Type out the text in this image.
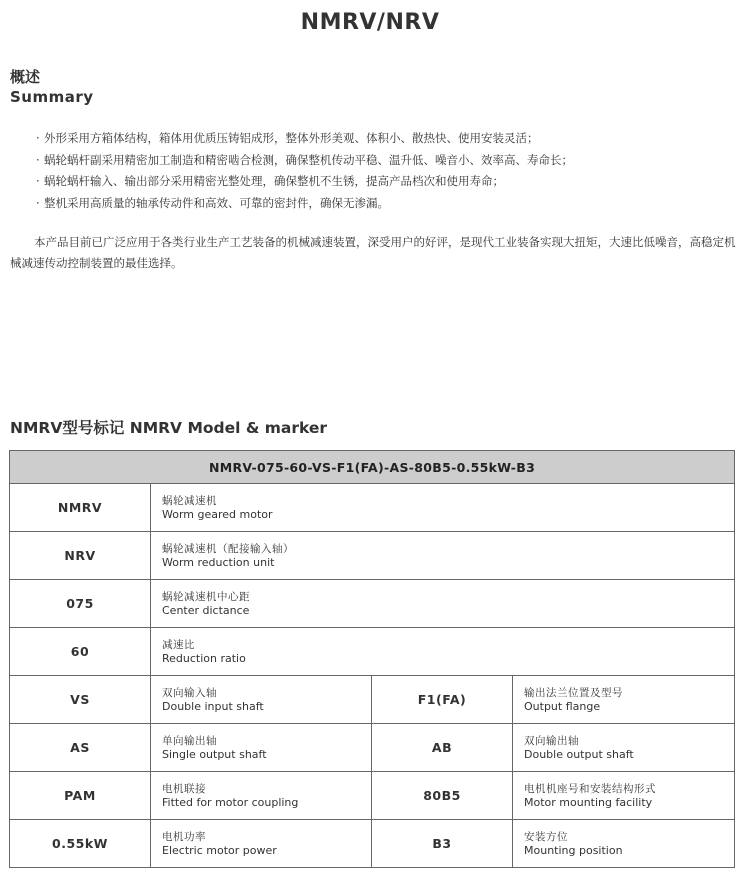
NMRV/NRV
概述
Summary
· 外形采用方箱体结构，箱体用优质压铸铝成形，整体外形美观、体积小、散热快、使用安装灵活；
· 蜗轮蜗杆副采用精密加工制造和精密啮合检测，确保整机传动平稳、温升低、噪音小、效率高、寿命长；
· 蜗轮蜗杆输入、输出部分采用精密光整处理，确保整机不生锈，提高产品档次和使用寿命；
· 整机采用高质量的轴承传动件和高效、可靠的密封件，确保无渗漏。

本产品目前已广泛应用于各类行业生产工艺装备的机械减速装置，深受用户的好评，是现代工业装备实现大扭矩，大速比低噪音，高稳定机械减速传动控制装置的最佳选择。

NMRV型号标记 NMRV Model & marker
NMRV-075-60-VS-F1(FA)-AS-80B5-0.55kW-B3			
NMRV	蜗轮减速机
Worm geared motor		

NRV	蜗轮减速机（配接输入轴）
Worm reduction unit		

075	蜗轮减速机中心距
Center dictance		

60	减速比
Reduction ratio		

VS	双向输入轴
Double input shaft	F1(FA)	输出法兰位置及型号
Output flange

AS	单向输出轴
Single output shaft	AB	双向输出轴
Double output shaft

PAM	电机联接
Fitted for motor coupling	80B5	电机机座号和安装结构形式
Motor mounting facility

0.55kW	电机功率
Electric motor power	B3	安装方位
Mounting position
